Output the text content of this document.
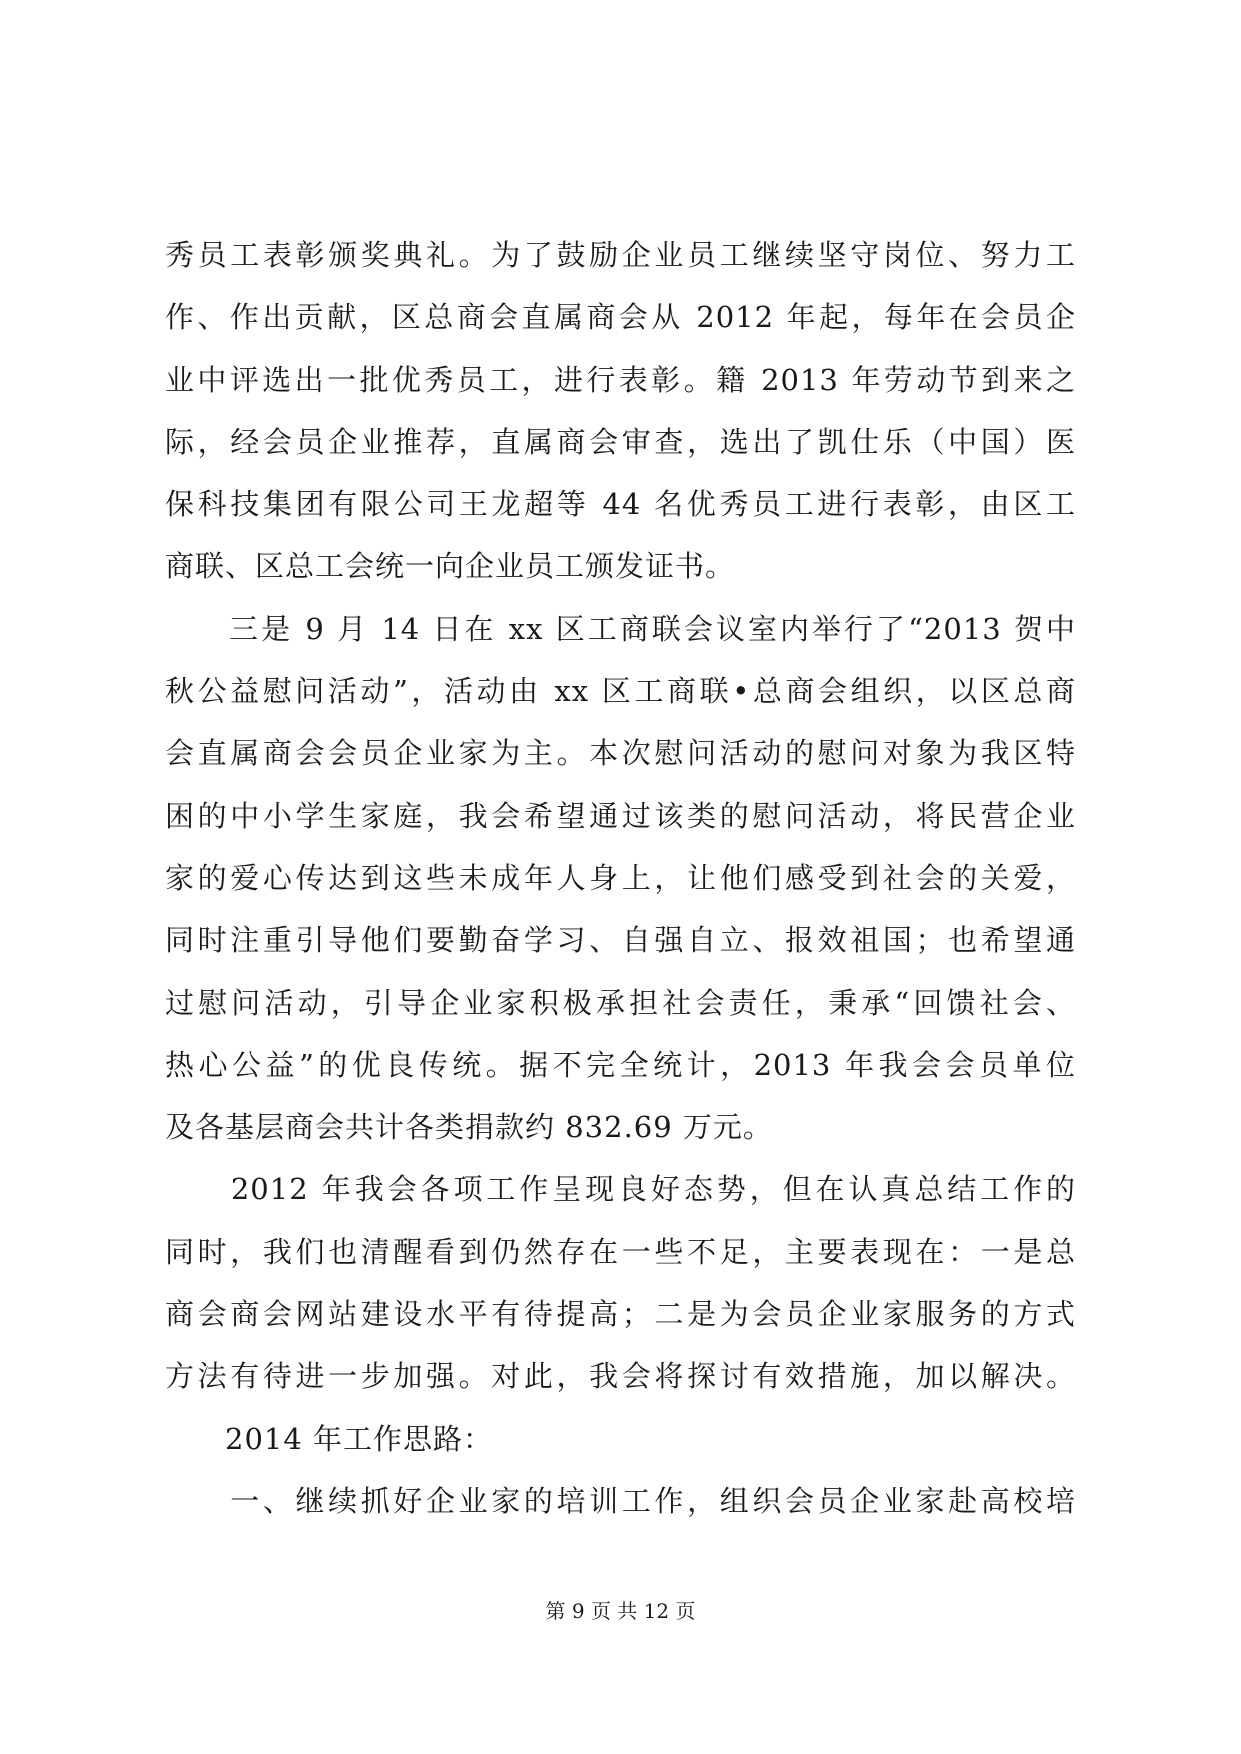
秀员工表彰颁奖典礼。为了鼓励企业员工继续坚守岗位、努力工
作、作出贡献，区总商会直属商会从 2012 年起，每年在会员企
业中评选出一批优秀员工，进行表彰。籍 2013 年劳动节到来之
际，经会员企业推荐，直属商会审查，选出了凯仕乐（中国）医
保科技集团有限公司王龙超等 44 名优秀员工进行表彰，由区工
商联、区总工会统一向企业员工颁发证书。
　　三是 9 月 14 日在 xx 区工商联会议室内举行了“2013 贺中
秋公益慰问活动”，活动由 xx 区工商联•总商会组织，以区总商
会直属商会会员企业家为主。本次慰问活动的慰问对象为我区特
困的中小学生家庭，我会希望通过该类的慰问活动，将民营企业
家的爱心传达到这些未成年人身上，让他们感受到社会的关爱，
同时注重引导他们要勤奋学习、自强自立、报效祖国；也希望通
过慰问活动，引导企业家积极承担社会责任，秉承“回馈社会、
热心公益”的优良传统。据不完全统计，2013 年我会会员单位
及各基层商会共计各类捐款约 832.69 万元。
　　2012 年我会各项工作呈现良好态势，但在认真总结工作的
同时，我们也清醒看到仍然存在一些不足，主要表现在：一是总
商会商会网站建设水平有待提高；二是为会员企业家服务的方式
方法有待进一步加强。对此，我会将探讨有效措施，加以解决。
　　2014 年工作思路：
　　一、继续抓好企业家的培训工作，组织会员企业家赴高校培
第 9 页 共 12 页
